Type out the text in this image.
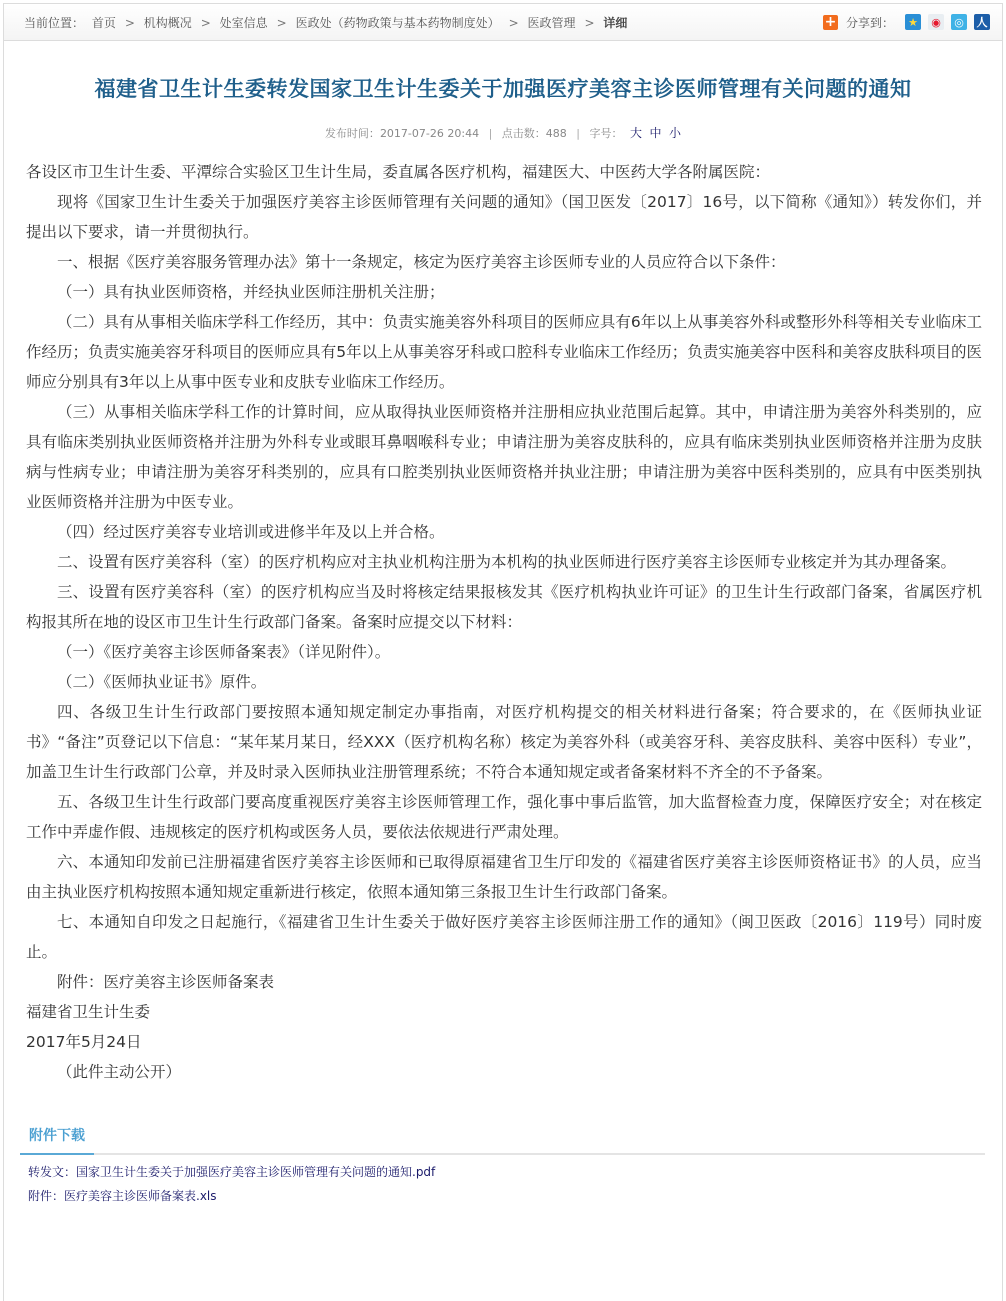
当前位置： 首页 > 机构概况 > 处室信息 > 医政处（药物政策与基本药物制度处） > 医政管理 > 详细	+ 分享到： ★ ◉ ◎ 人
福建省卫生计生委转发国家卫生计生委关于加强医疗美容主诊医师管理有关问题的通知
发布时间：2017-07-26 20:44 | 点击数：488 | 字号： 大 中 小

各设区市卫生计生委、平潭综合实验区卫生计生局，委直属各医疗机构，福建医大、中医药大学各附属医院：

现将《国家卫生计生委关于加强医疗美容主诊医师管理有关问题的通知》（国卫医发〔2017〕16号，以下简称《通知》）转发你们，并提出以下要求，请一并贯彻执行。

一、根据《医疗美容服务管理办法》第十一条规定，核定为医疗美容主诊医师专业的人员应符合以下条件：

（一）具有执业医师资格，并经执业医师注册机关注册；

（二）具有从事相关临床学科工作经历，其中：负责实施美容外科项目的医师应具有6年以上从事美容外科或整形外科等相关专业临床工作经历；负责实施美容牙科项目的医师应具有5年以上从事美容牙科或口腔科专业临床工作经历；负责实施美容中医科和美容皮肤科项目的医师应分别具有3年以上从事中医专业和皮肤专业临床工作经历。

（三）从事相关临床学科工作的计算时间，应从取得执业医师资格并注册相应执业范围后起算。其中，申请注册为美容外科类别的，应具有临床类别执业医师资格并注册为外科专业或眼耳鼻咽喉科专业；申请注册为美容皮肤科的，应具有临床类别执业医师资格并注册为皮肤病与性病专业；申请注册为美容牙科类别的，应具有口腔类别执业医师资格并执业注册；申请注册为美容中医科类别的，应具有中医类别执业医师资格并注册为中医专业。

（四）经过医疗美容专业培训或进修半年及以上并合格。

二、设置有医疗美容科（室）的医疗机构应对主执业机构注册为本机构的执业医师进行医疗美容主诊医师专业核定并为其办理备案。

三、设置有医疗美容科（室）的医疗机构应当及时将核定结果报核发其《医疗机构执业许可证》的卫生计生行政部门备案，省属医疗机构报其所在地的设区市卫生计生行政部门备案。备案时应提交以下材料：

（一）《医疗美容主诊医师备案表》（详见附件）。

（二）《医师执业证书》原件。

四、各级卫生计生行政部门要按照本通知规定制定办事指南，对医疗机构提交的相关材料进行备案；符合要求的，在《医师执业证书》“备注”页登记以下信息：“某年某月某日，经XXX（医疗机构名称）核定为美容外科（或美容牙科、美容皮肤科、美容中医科）专业”，加盖卫生计生行政部门公章，并及时录入医师执业注册管理系统；不符合本通知规定或者备案材料不齐全的不予备案。

五、各级卫生计生行政部门要高度重视医疗美容主诊医师管理工作，强化事中事后监管，加大监督检查力度，保障医疗安全；对在核定工作中弄虚作假、违规核定的医疗机构或医务人员，要依法依规进行严肃处理。

六、本通知印发前已注册福建省医疗美容主诊医师和已取得原福建省卫生厅印发的《福建省医疗美容主诊医师资格证书》的人员，应当由主执业医疗机构按照本通知规定重新进行核定，依照本通知第三条报卫生计生行政部门备案。

七、本通知自印发之日起施行，《福建省卫生计生委关于做好医疗美容主诊医师注册工作的通知》（闽卫医政〔2016〕119号）同时废止。

附件：医疗美容主诊医师备案表

福建省卫生计生委

2017年5月24日

（此件主动公开）

附件下载
转发文：国家卫生计生委关于加强医疗美容主诊医师管理有关问题的通知.pdf
附件：医疗美容主诊医师备案表.xls
